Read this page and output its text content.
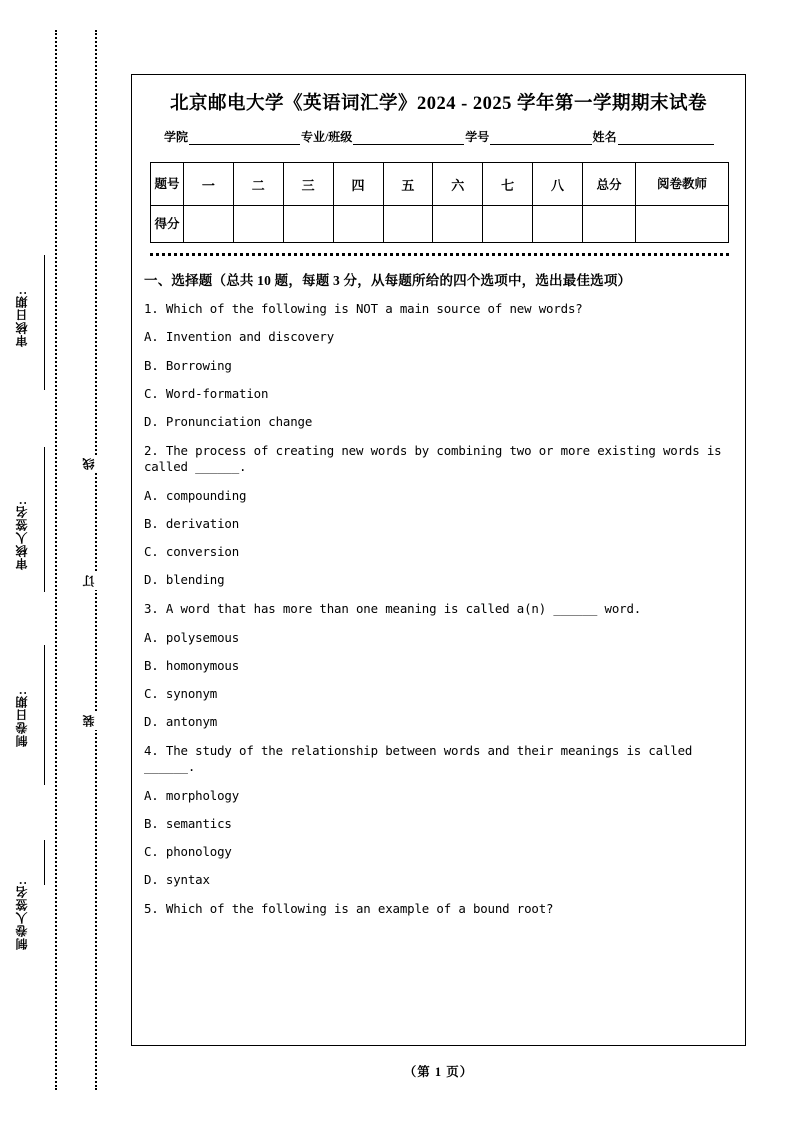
审核日期:
审核人签名:
制卷日期:
制卷人签名:
线
订
装
北京邮电大学《英语词汇学》2024 - 2025 学年第一学期期末试卷
学院	专业/班级	学号	姓名
题号	一	二	三	四	五	六	七	八	总分	阅卷教师
得分										
一、选择题（总共 10 题，每题 3 分，从每题所给的四个选项中，选出最佳选项）
1. Which of the following is NOT a main source of new words?
A. Invention and discovery
B. Borrowing
C. Word-formation
D. Pronunciation change
2. The process of creating new words by combining two or more existing words is called ______.
A. compounding
B. derivation
C. conversion
D. blending
3. A word that has more than one meaning is called a(n) ______ word.
A. polysemous
B. homonymous
C. synonym
D. antonym
4. The study of the relationship between words and their meanings is called ______.
A. morphology
B. semantics
C. phonology
D. syntax
5. Which of the following is an example of a bound root?
（第 1 页）
